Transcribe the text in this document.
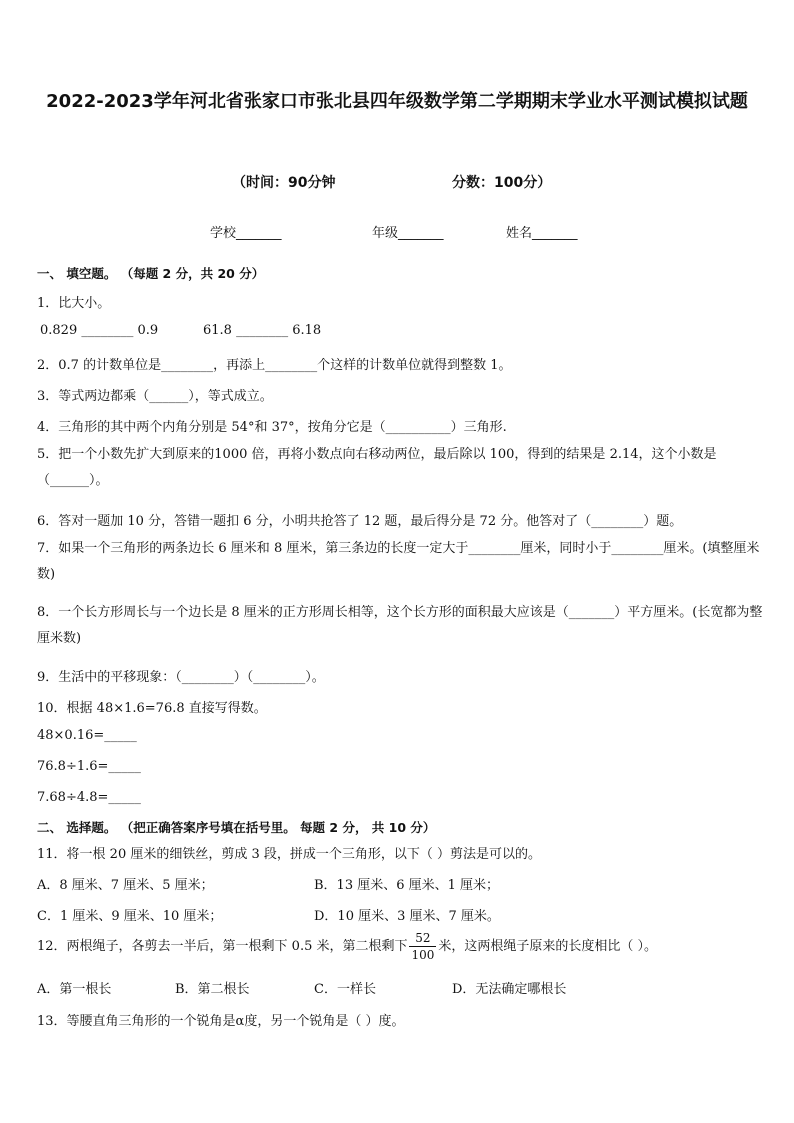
2022-2023学年河北省张家口市张北县四年级数学第二学期期末学业水平测试模拟试题
（时间：90分钟	分数：100分）
学校_______	年级_______	姓名_______
一、 填空题。 （每题 2 分，共 20 分）
1．比大小。
0.829 ________ 0.9	61.8 ________ 6.18
2．0.7 的计数单位是________，再添上________个这样的计数单位就得到整数 1。
3．等式两边都乘（______），等式成立。
4．三角形的其中两个内角分别是 54°和 37°，按角分它是（__________）三角形.
5．把一个小数先扩大到原来的1000 倍，再将小数点向右移动两位，最后除以 100，得到的结果是 2.14，这个小数是（______）。
6．答对一题加 10 分，答错一题扣 6 分，小明共抢答了 12 题，最后得分是 72 分。他答对了（________）题。
7．如果一个三角形的两条边长 6 厘米和 8 厘米，第三条边的长度一定大于________厘米，同时小于________厘米。(填整厘米数)
8．一个长方形周长与一个边长是 8 厘米的正方形周长相等，这个长方形的面积最大应该是（_______）平方厘米。(长宽都为整厘米数)
9．生活中的平移现象：（________）（________）。
10．根据 48×1.6=76.8 直接写得数。
48×0.16=_____
76.8÷1.6=_____
7.68÷4.8=_____
二、 选择题。 （把正确答案序号填在括号里。 每题 2 分， 共 10 分）
11．将一根 20 厘米的细铁丝，剪成 3 段，拼成一个三角形，以下（ ）剪法是可以的。
A．8 厘米、7 厘米、5 厘米；	B．13 厘米、6 厘米、1 厘米；
C．1 厘米、9 厘米、10 厘米；	D．10 厘米、3 厘米、7 厘米。
12．两根绳子，各剪去一半后，第一根剩下 0.5 米，第二根剩下 $\frac{52}{100}$ 米，这两根绳子原来的长度相比（ ）。
A．第一根长	B．第二根长	C．一样长	D．无法确定哪根长
13．等腰直角三角形的一个锐角是α度，另一个锐角是（ ）度。
